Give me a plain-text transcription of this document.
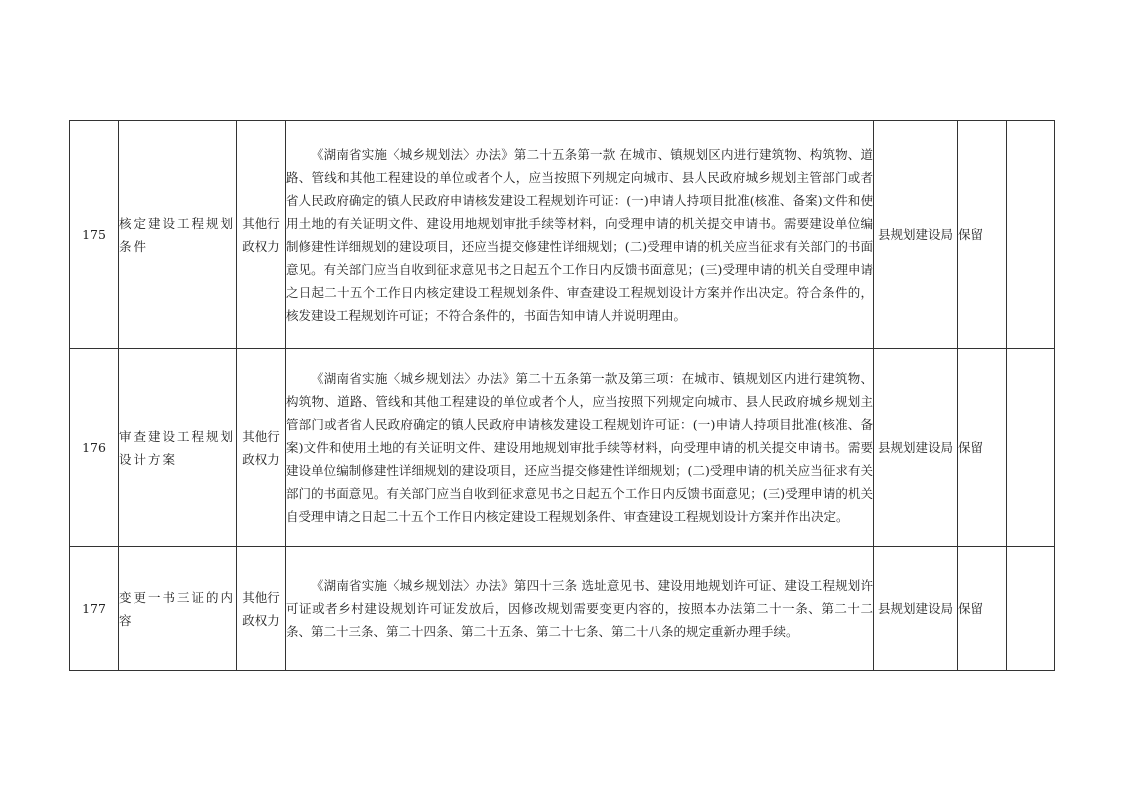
175	核定建设工程规划条件	其他行政权力	《湖南省实施〈城乡规划法〉办法》第二十五条第一款 在城市、镇规划区内进行建筑物、构筑物、道路、管线和其他工程建设的单位或者个人，应当按照下列规定向城市、县人民政府城乡规划主管部门或者省人民政府确定的镇人民政府申请核发建设工程规划许可证：(一)申请人持项目批准(核准、备案)文件和使用土地的有关证明文件、建设用地规划审批手续等材料，向受理申请的机关提交申请书。需要建设单位编制修建性详细规划的建设项目，还应当提交修建性详细规划；(二)受理申请的机关应当征求有关部门的书面意见。有关部门应当自收到征求意见书之日起五个工作日内反馈书面意见；(三)受理申请的机关自受理申请之日起二十五个工作日内核定建设工程规划条件、审查建设工程规划设计方案并作出决定。符合条件的，核发建设工程规划许可证；不符合条件的，书面告知申请人并说明理由。	县规划建设局	保留	
176	审查建设工程规划设计方案	其他行政权力	《湖南省实施〈城乡规划法〉办法》第二十五条第一款及第三项：在城市、镇规划区内进行建筑物、构筑物、道路、管线和其他工程建设的单位或者个人，应当按照下列规定向城市、县人民政府城乡规划主管部门或者省人民政府确定的镇人民政府申请核发建设工程规划许可证：(一)申请人持项目批准(核准、备案)文件和使用土地的有关证明文件、建设用地规划审批手续等材料，向受理申请的机关提交申请书。需要建设单位编制修建性详细规划的建设项目，还应当提交修建性详细规划；(二)受理申请的机关应当征求有关部门的书面意见。有关部门应当自收到征求意见书之日起五个工作日内反馈书面意见；(三)受理申请的机关自受理申请之日起二十五个工作日内核定建设工程规划条件、审查建设工程规划设计方案并作出决定。	县规划建设局	保留	
177	变更一书三证的内容	其他行政权力	《湖南省实施〈城乡规划法〉办法》第四十三条 选址意见书、建设用地规划许可证、建设工程规划许可证或者乡村建设规划许可证发放后，因修改规划需要变更内容的，按照本办法第二十一条、第二十二条、第二十三条、第二十四条、第二十五条、第二十七条、第二十八条的规定重新办理手续。	县规划建设局	保留	
